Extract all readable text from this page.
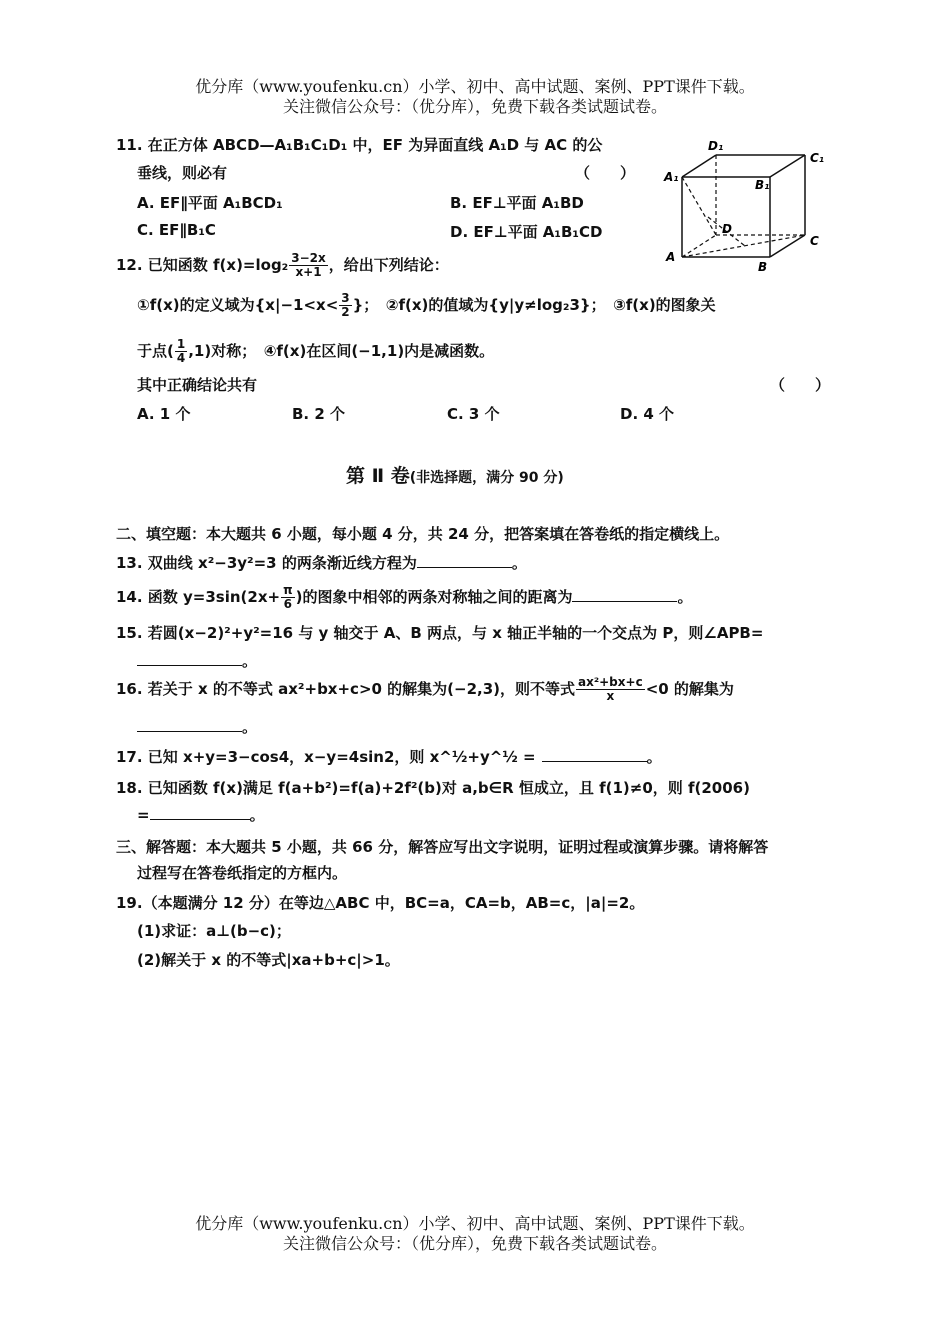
优分库（www.youfenku.cn）小学、初中、高中试题、案例、PPT课件下载。
关注微信公众号：（优分库），免费下载各类试题试卷。
11. 在正方体 ABCD—A₁B₁C₁D₁ 中，EF 为异面直线 A₁D 与 AC 的公
垂线，则必有	（　　）
A. EF∥平面 A₁BCD₁	B. EF⊥平面 A₁BD
C. EF∥B₁C	D. EF⊥平面 A₁B₁CD
D₁
C₁
A₁
B₁
D
C
A
B
12. 已知函数 $f(x)=\log_2 \frac{3-2x}{x+1}$ ，给出下列结论：
①f(x)的定义域为{$x|-1<x< \frac{3}{2}$ }；　②f(x)的值域为{y|y≠log₂3}；　③f(x)的图象关
于点( $\frac{1}{4} ,1$)对称；　④f(x)在区间(−1,1)内是减函数。
其中正确结论共有	（　　）
A. 1 个	B. 2 个	C. 3 个	D. 4 个
第 Ⅱ 卷(非选择题，满分 90 分)
二、填空题：本大题共 6 小题，每小题 4 分，共 24 分，把答案填在答卷纸的指定横线上。
13. 双曲线 x²−3y²=3 的两条渐近线方程为	。
14. 函数 $y=3\sin(2x+ \frac{\pi}{6}$ )的图象中相邻的两条对称轴之间的距离为	。
15. 若圆(x−2)²+y²=16 与 y 轴交于 A、B 两点，与 x 轴正半轴的一个交点为 P，则∠APB=
。
16. 若关于 x 的不等式 ax²+bx+c>0 的解集为(−2,3)，则不等式 $\frac{\text{ax²+bx+c}}{x} <0$ 的解集为
。
17. 已知 x+y=3−cos4，x−y=4sin2，则 x^½+y^½ =	。
18. 已知函数 f(x)满足 f(a+b²)=f(a)+2f²(b)对 a,b∈R 恒成立，且 f(1)≠0，则 f(2006)
=	。
三、解答题：本大题共 5 小题，共 66 分，解答应写出文字说明，证明过程或演算步骤。请将解答
过程写在答卷纸指定的方框内。
19.（本题满分 12 分）在等边△ABC 中，BC=a，CA=b，AB=c，|a|=2。
(1)求证：a⊥(b−c)；
(2)解关于 x 的不等式|xa+b+c|>1。
优分库（www.youfenku.cn）小学、初中、高中试题、案例、PPT课件下载。
关注微信公众号：（优分库），免费下载各类试题试卷。
